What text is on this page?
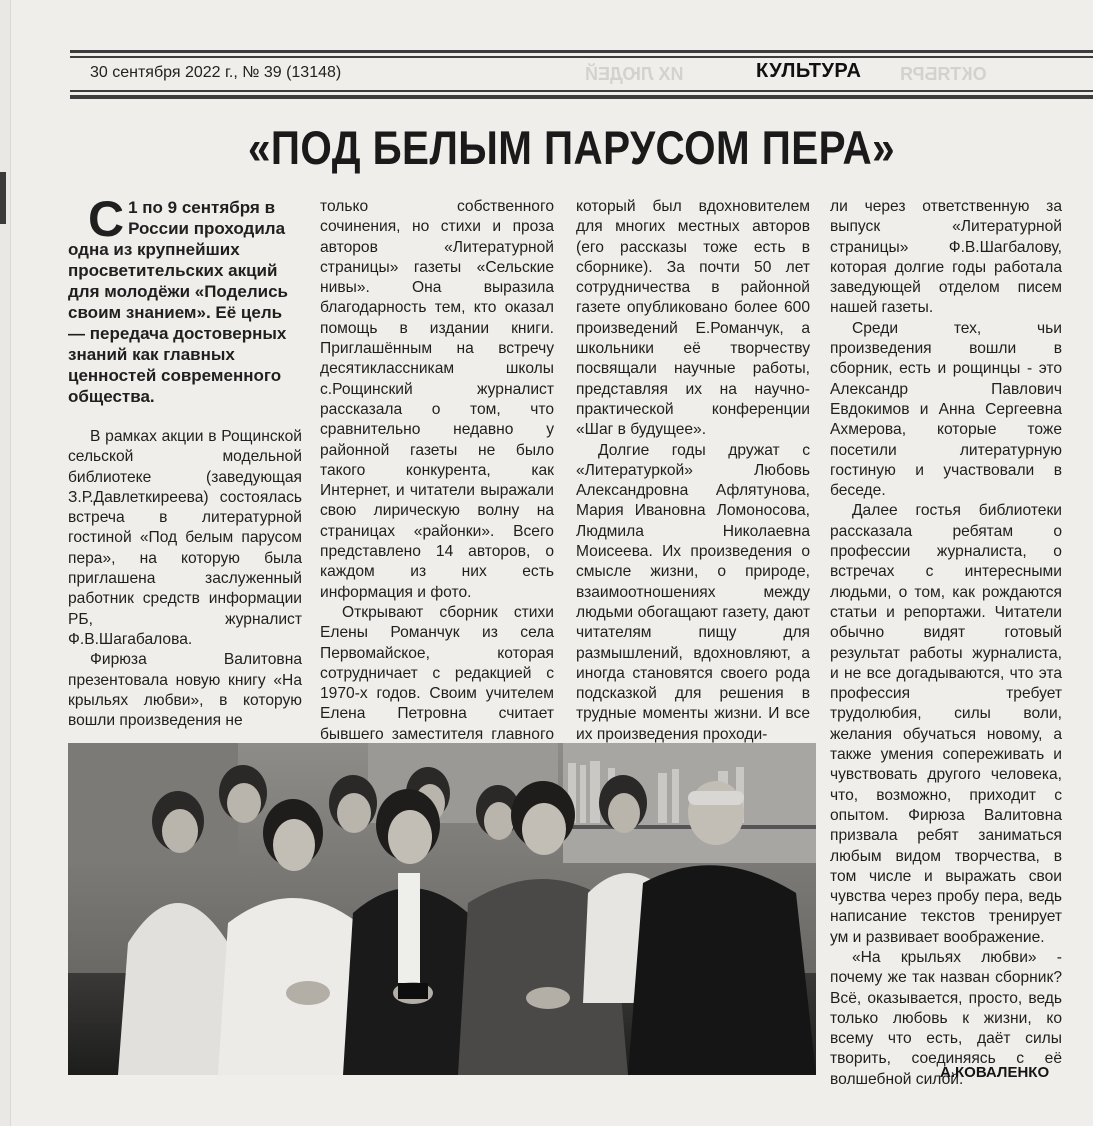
ИХ ЛЮДЕЙ	ОКТЯБРЯ
30 сентября 2022 г., № 39 (13148)	КУЛЬТУРА
«ПОД БЕЛЫМ ПАРУСОМ ПЕРА»
С 1 по 9 сентября в России проходила одна из крупнейших просветительских акций для молодёжи «Поделись своим знанием». Её цель — передача достоверных знаний как главных ценностей современного общества.

В рамках акции в Рощинской сельской модельной библиотеке (заведующая З.Р.Давлеткиреева) состоялась встреча в литературной гостиной «Под белым парусом пера», на которую была приглашена заслуженный работник средств информации РБ, журналист Ф.В.Шагабалова.

Фирюза Валитовна презентовала новую книгу «На крыльях любви», в которую вошли произведения не

только собственного сочинения, но стихи и проза авторов «Литературной страницы» газеты «Сельские нивы». Она выразила благодарность тем, кто оказал помощь в издании книги. Приглашённым на встречу десятиклассникам школы с.Рощинский журналист рассказала о том, что сравнительно недавно у районной газеты не было такого конкурента, как Интернет, и читатели выражали свою лирическую волну на страницах «районки». Всего представлено 14 авторов, о каждом из них есть информация и фото.

Открывают сборник стихи Елены Романчук из села Первомайское, которая сотрудничает с редакцией с 1970-х годов. Своим учителем Елена Петровна считает бывшего заместителя главного

который был вдохновителем для многих местных авторов (его рассказы тоже есть в сборнике). За почти 50 лет сотрудничества в районной газете опубликовано более 600 произведений Е.Романчук, а школьники её творчеству посвящали научные работы, представляя их на научно-практической конференции «Шаг в будущее».

Долгие годы дружат с «Литературкой» Любовь Александровна Афлятунова, Мария Ивановна Ломоносова, Людмила Николаевна Моисеева. Их произведения о смысле жизни, о природе, взаимоотношениях между людьми обогащают газету, дают читателям пищу для размышлений, вдохновляют, а иногда становятся своего рода подсказкой для решения в трудные моменты жизни. И все их произведения проходи-

ли через ответственную за выпуск «Литературной страницы» Ф.В.Шагбалову, которая долгие годы работала заведующей отделом писем нашей газеты.

Среди тех, чьи произведения вошли в сборник, есть и рощинцы - это Александр Павлович Евдокимов и Анна Сергеевна Ахмерова, которые тоже посетили литературную гостиную и участвовали в беседе.

Далее гостья библиотеки рассказала ребятам о профессии журналиста, о встречах с интересными людьми, о том, как рождаются статьи и репортажи. Читатели обычно видят готовый результат работы журналиста, и не все догадываются, что эта профессия требует трудолюбия, силы воли, желания обучаться новому, а также умения сопереживать и чувствовать другого человека, что, возможно, приходит с опытом. Фирюза Валитовна призвала ребят заниматься любым видом творчества, в том числе и выражать свои чувства через пробу пера, ведь написание текстов тренирует ум и развивает воображение.

«На крыльях любви» - почему же так назван сборник? Всё, оказывается, просто, ведь только любовь к жизни, ко всему что есть, даёт силы творить, соединяясь с её волшебной силой.

А.КОВАЛЕНКО
